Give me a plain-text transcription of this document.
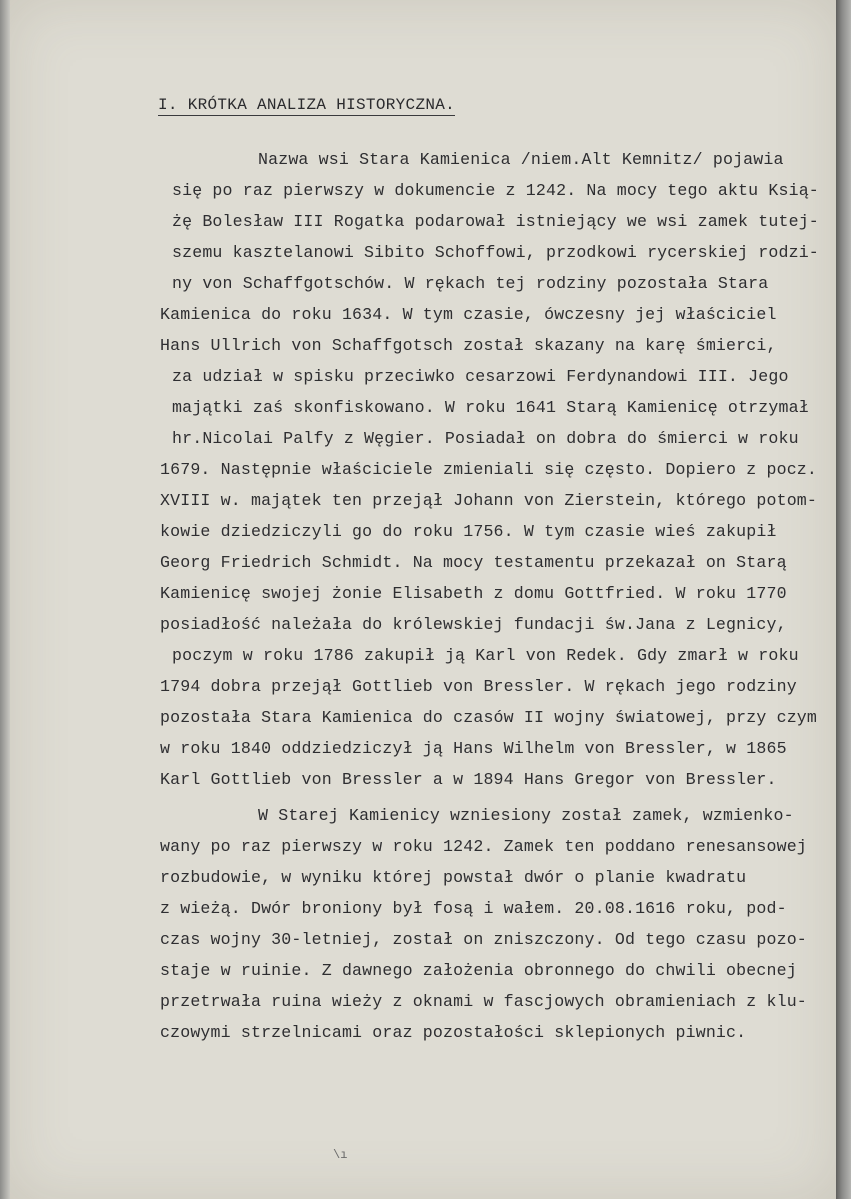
I. KRÓTKA ANALIZA HISTORYCZNA.
Nazwa wsi Stara Kamienica /niem.Alt Kemnitz/ pojawia
się po raz pierwszy w dokumencie z 1242. Na mocy tego aktu Ksią-
żę Bolesław III Rogatka podarował istniejący we wsi zamek tutej-
szemu kasztelanowi Sibito Schoffowi, przodkowi rycerskiej rodzi-
ny von Schaffgotschów. W rękach tej rodziny pozostała Stara
Kamienica do roku 1634. W tym czasie, ówczesny jej właściciel
Hans Ullrich von Schaffgotsch został skazany na karę śmierci,
za udział w spisku przeciwko cesarzowi Ferdynandowi III. Jego
majątki zaś skonfiskowano. W roku 1641 Starą Kamienicę otrzymał
hr.Nicolai Palfy z Węgier. Posiadał on dobra do śmierci w roku
1679. Następnie właściciele zmieniali się często. Dopiero z pocz.
XVIII w. majątek ten przejął Johann von Zierstein, którego potom-
kowie dziedziczyli go do roku 1756. W tym czasie wieś zakupił
Georg Friedrich Schmidt. Na mocy testamentu przekazał on Starą
Kamienicę swojej żonie Elisabeth z domu Gottfried. W roku 1770
posiadłość należała do królewskiej fundacji św.Jana z Legnicy,
poczym w roku 1786 zakupił ją Karl von Redek. Gdy zmarł w roku
1794 dobra przejął Gottlieb von Bressler. W rękach jego rodziny
pozostała Stara Kamienica do czasów II wojny światowej, przy czym
w roku 1840 oddziedziczył ją Hans Wilhelm von Bressler, w 1865
Karl Gottlieb von Bressler a w 1894 Hans Gregor von Bressler.
W Starej Kamienicy wzniesiony został zamek, wzmienko-
wany po raz pierwszy w roku 1242. Zamek ten poddano renesansowej
rozbudowie, w wyniku której powstał dwór o planie kwadratu
z wieżą. Dwór broniony był fosą i wałem. 20.08.1616 roku, pod-
czas wojny 30-letniej, został on zniszczony. Od tego czasu pozo-
staje w ruinie. Z dawnego założenia obronnego do chwili obecnej
przetrwała ruina wieży z oknami w fascjowych obramieniach z klu-
czowymi strzelnicami oraz pozostałości sklepionych piwnic.
\ı
